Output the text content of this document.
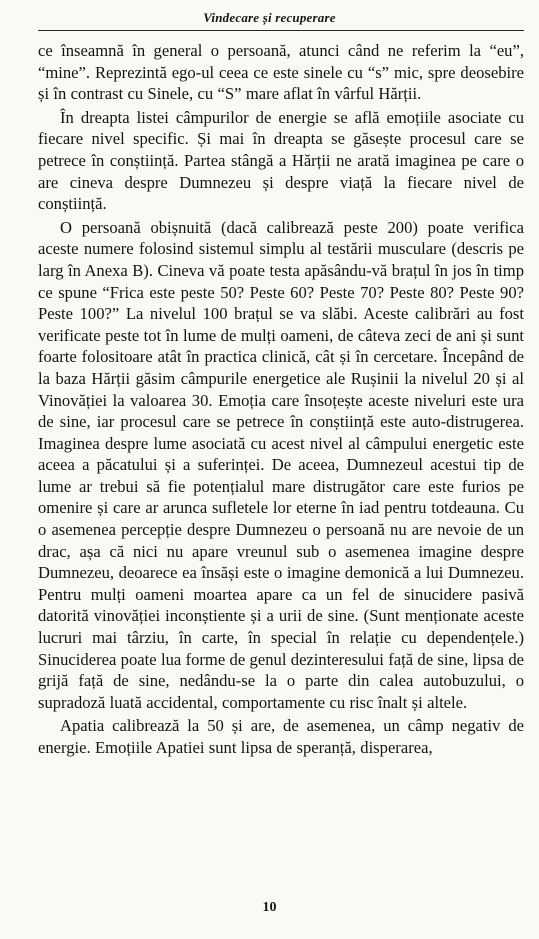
Vindecare și recuperare

ce înseamnă în general o persoană, atunci când ne referim la “eu”, “mine”. Reprezintă ego-ul ceea ce este sinele cu “s” mic, spre deosebire și în contrast cu Sinele, cu “S” mare aflat în vârful Hărții.

În dreapta listei câmpurilor de energie se află emoțiile asociate cu fiecare nivel specific. Și mai în dreapta se găsește procesul care se petrece în conștiință. Partea stângă a Hărții ne arată imaginea pe care o are cineva despre Dumnezeu și despre viață la fiecare nivel de conștiință.

O persoană obișnuită (dacă calibrează peste 200) poate verifica aceste numere folosind sistemul simplu al testării musculare (descris pe larg în Anexa B). Cineva vă poate testa apăsându-vă brațul în jos în timp ce spune “Frica este peste 50? Peste 60? Peste 70? Peste 80? Peste 90? Peste 100?” La nivelul 100 brațul se va slăbi. Aceste calibrări au fost verificate peste tot în lume de mulți oameni, de câteva zeci de ani și sunt foarte folositoare atât în practica clinică, cât și în cercetare. Începând de la baza Hărții găsim câmpurile energetice ale Rușinii la nivelul 20 și al Vinovăției la valoarea 30. Emoția care însoțește aceste niveluri este ura de sine, iar procesul care se petrece în conștiință este auto-distrugerea. Imaginea despre lume asociată cu acest nivel al câmpului energetic este aceea a păcatului și a suferinței. De aceea, Dumnezeul acestui tip de lume ar trebui să fie potențialul mare distrugător care este furios pe omenire și care ar arunca sufletele lor eterne în iad pentru totdeauna. Cu o asemenea percepție despre Dumnezeu o persoană nu are nevoie de un drac, așa că nici nu apare vreunul sub o asemenea imagine despre Dumnezeu, deoarece ea însăși este o imagine demonică a lui Dumnezeu. Pentru mulți oameni moartea apare ca un fel de sinucidere pasivă datorită vinovăției inconștiente și a urii de sine. (Sunt menționate aceste lucruri mai târziu, în carte, în special în relație cu dependențele.) Sinuciderea poate lua forme de genul dezinteresului față de sine, lipsa de grijă față de sine, nedându-se la o parte din calea autobuzului, o supradoză luată accidental, comportamente cu risc înalt și altele.

Apatia calibrează la 50 și are, de asemenea, un câmp negativ de energie. Emoțiile Apatiei sunt lipsa de speranță, disperarea,

10
